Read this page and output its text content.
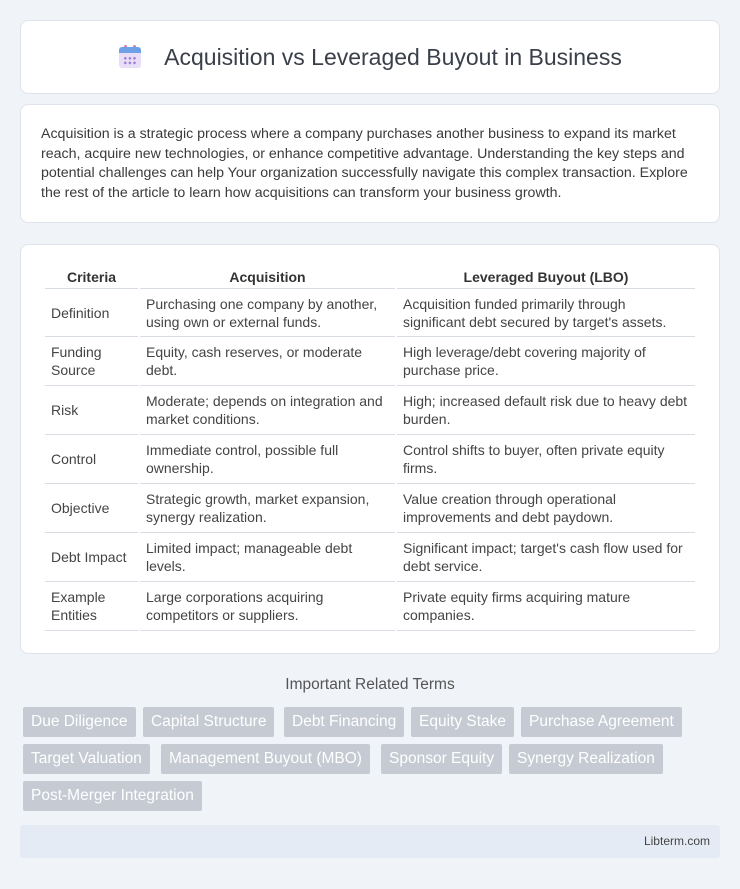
Acquisition vs Leveraged Buyout in Business

Acquisition is a strategic process where a company purchases another business to expand its market reach, acquire new technologies, or enhance competitive advantage. Understanding the key steps and potential challenges can help Your organization successfully navigate this complex transaction. Explore the rest of the article to learn how acquisitions can transform your business growth.

Criteria	Acquisition	Leveraged Buyout (LBO)
Definition	Purchasing one company by another, using own or external funds.	Acquisition funded primarily through significant debt secured by target's assets.
Funding Source	Equity, cash reserves, or moderate debt.	High leverage/debt covering majority of purchase price.
Risk	Moderate; depends on integration and market conditions.	High; increased default risk due to heavy debt burden.
Control	Immediate control, possible full ownership.	Control shifts to buyer, often private equity firms.
Objective	Strategic growth, market expansion, synergy realization.	Value creation through operational improvements and debt paydown.
Debt Impact	Limited impact; manageable debt levels.	Significant impact; target's cash flow used for debt service.
Example Entities	Large corporations acquiring competitors or suppliers.	Private equity firms acquiring mature companies.
Important Related Terms
Due Diligence	Capital Structure	Debt Financing	Equity Stake	Purchase Agreement
Target Valuation	Management Buyout (MBO)	Sponsor Equity	Synergy Realization
Post-Merger Integration
Libterm.com
